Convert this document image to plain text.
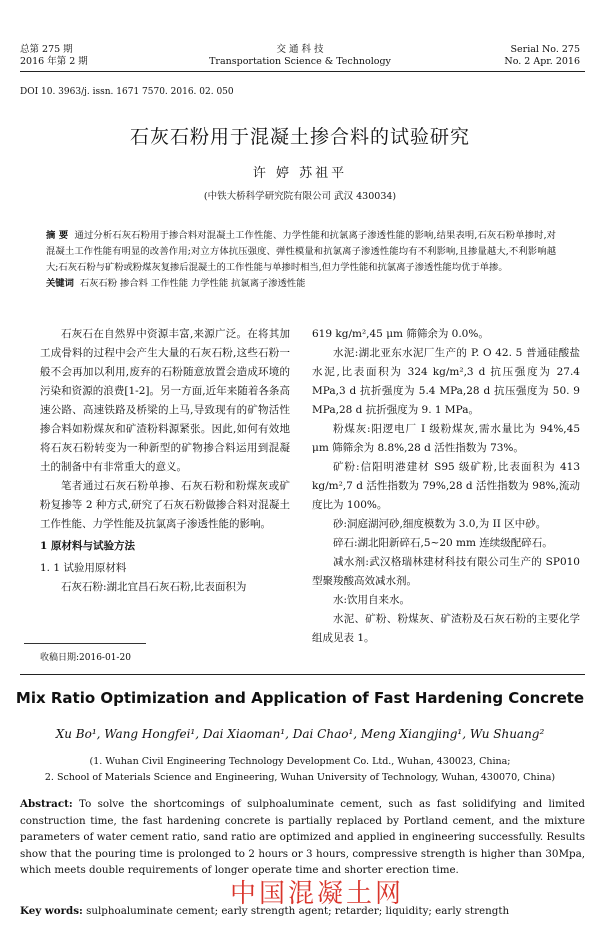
总第 275 期
2016 年第 2 期
交 通 科 技
Transportation Science & Technology
Serial No. 275
No. 2 Apr. 2016
DOI 10. 3963/j. issn. 1671 7570. 2016. 02. 050
石灰石粉用于混凝土掺合料的试验研究
许 婷 苏祖平
(中铁大桥科学研究院有限公司 武汉 430034)
摘 要 通过分析石灰石粉用于掺合料对混凝土工作性能、力学性能和抗氯离子渗透性能的影响,结果表明,石灰石粉单掺时,对混凝土工作性能有明显的改善作用;对立方体抗压强度、弹性模量和抗氯离子渗透性能均有不利影响,且掺量越大,不利影响越大;石灰石粉与矿粉或粉煤灰复掺后混凝土的工作性能与单掺时相当,但力学性能和抗氯离子渗透性能均优于单掺。
关键词 石灰石粉 掺合料 工作性能 力学性能 抗氯离子渗透性能

石灰石在自然界中资源丰富,来源广泛。在将其加工成骨料的过程中会产生大量的石灰石粉,这些石粉一般不会再加以利用,废弃的石粉随意放置会造成环境的污染和资源的浪费[1-2]。另一方面,近年来随着各条高速公路、高速铁路及桥梁的上马,导致现有的矿物活性掺合料如粉煤灰和矿渣粉料源紧张。因此,如何有效地将石灰石粉转变为一种新型的矿物掺合料运用到混凝土的制备中有非常重大的意义。

笔者通过石灰石粉单掺、石灰石粉和粉煤灰或矿粉复掺等 2 种方式,研究了石灰石粉做掺合料对混凝土工作性能、力学性能及抗氯离子渗透性能的影响。

1 原材料与试验方法

1. 1 试验用原材料

石灰石粉:湖北宜昌石灰石粉,比表面积为

收稿日期:2016-01-20

619 kg/m²,45 μm 筛筛余为 0.0%。

水泥:湖北亚东水泥厂生产的 P. O 42. 5 普通硅酸盐水泥,比表面积为 324 kg/m²,3 d 抗压强度为 27.4 MPa,3 d 抗折强度为 5.4 MPa,28 d 抗压强度为 50. 9 MPa,28 d 抗折强度为 9. 1 MPa。

粉煤灰:阳逻电厂 I 级粉煤灰,需水量比为 94%,45 μm 筛筛余为 8.8%,28 d 活性指数为 73%。

矿粉:信阳明港建材 S95 级矿粉,比表面积为 413 kg/m²,7 d 活性指数为 79%,28 d 活性指数为 98%,流动度比为 100%。

砂:洞庭湖河砂,细度模数为 3.0,为 II 区中砂。

碎石:湖北阳新碎石,5~20 mm 连续级配碎石。

减水剂:武汉格瑞林建材科技有限公司生产的 SP010 型聚羧酸高效减水剂。

水:饮用自来水。

水泥、矿粉、粉煤灰、矿渣粉及石灰石粉的主要化学组成见表 1。

Mix Ratio Optimization and Application of Fast Hardening Concrete
Xu Bo¹, Wang Hongfei¹, Dai Xiaoman¹, Dai Chao¹, Meng Xiangjing¹, Wu Shuang²
(1. Wuhan Civil Engineering Technology Development Co. Ltd., Wuhan, 430023, China;
2. School of Materials Science and Engineering, Wuhan University of Technology, Wuhan, 430070, China)
Abstract: To solve the shortcomings of sulphoaluminate cement, such as fast solidifying and limited construction time, the fast hardening concrete is partially replaced by Portland cement, and the mixture parameters of water cement ratio, sand ratio are optimized and applied in engineering successfully. Results show that the pouring time is prolonged to 2 hours or 3 hours, compressive strength is higher than 30Mpa, which meets double requirements of longer operate time and shorter erection time.
Key words: sulphoaluminate cement; early strength agent; retarder; liquidity; early strength
中国混凝土网
